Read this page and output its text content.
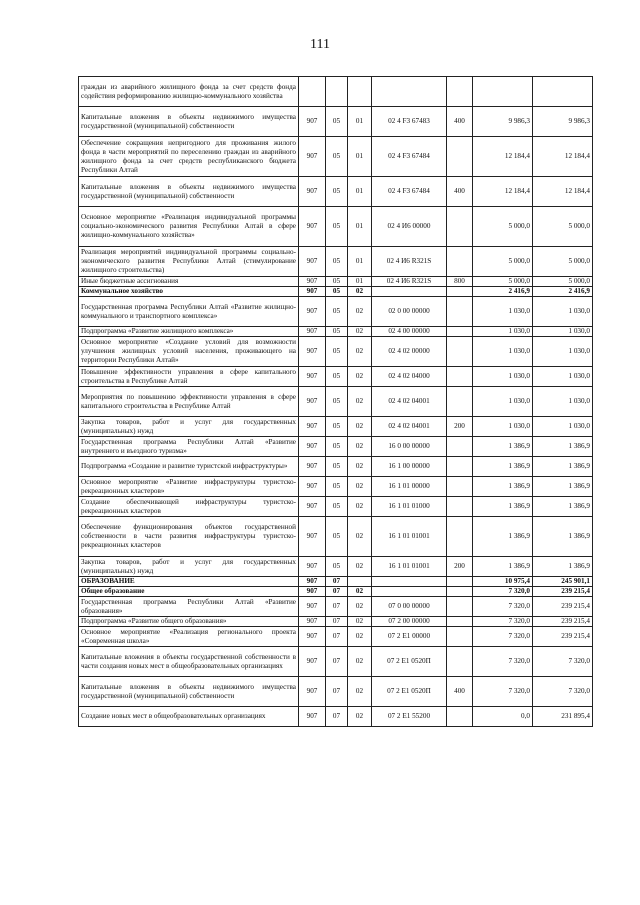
111
граждан из аварийного жилищного фонда за счет средств фонда содействия реформированию жилищно-коммунального хозяйства							
Капитальные вложения в объекты недвижимого имущества государственной (муниципальной) собственности	907	05	01	02 4 F3 67483	400	9 986,3	9 986,3
Обеспечение сокращения непригодного для проживания жилого фонда в части мероприятий по переселению граждан из аварийного жилищного фонда за счет средств республиканского бюджета Республики Алтай	907	05	01	02 4 F3 67484		12 184,4	12 184,4
Капитальные вложения в объекты недвижимого имущества государственной (муниципальной) собственности	907	05	01	02 4 F3 67484	400	12 184,4	12 184,4
Основное мероприятие «Реализация индивидуальной программы социально-экономического развития Республики Алтай в сфере жилищно-коммунального хозяйства»	907	05	01	02 4 И6 00000		5 000,0	5 000,0
Реализация мероприятий индивидуальной программы социально-экономического развития Республики Алтай (стимулирование жилищного строительства)	907	05	01	02 4 И6 R321S		5 000,0	5 000,0
Иные бюджетные ассигнования	907	05	01	02 4 И6 R321S	800	5 000,0	5 000,0
Коммунальное хозяйство	907	05	02			2 416,9	2 416,9
Государственная программа Республики Алтай «Развитие жилищно-коммунального и транспортного комплекса»	907	05	02	02 0 00 00000		1 030,0	1 030,0
Подпрограмма «Развитие жилищного комплекса»	907	05	02	02 4 00 00000		1 030,0	1 030,0
Основное мероприятие «Создание условий для возможности улучшения жилищных условий населения, проживающего на территории Республики Алтай»	907	05	02	02 4 02 00000		1 030,0	1 030,0
Повышение эффективности управления в сфере капитального строительства в Республике Алтай	907	05	02	02 4 02 04000		1 030,0	1 030,0
Мероприятия по повышению эффективности управления в сфере капитального строительства в Республике Алтай	907	05	02	02 4 02 04001		1 030,0	1 030,0
Закупка товаров, работ и услуг для государственных (муниципальных) нужд	907	05	02	02 4 02 04001	200	1 030,0	1 030,0
Государственная программа Республики Алтай «Развитие внутреннего и въездного туризма»	907	05	02	16 0 00 00000		1 386,9	1 386,9
Подпрограмма «Создание и развитие туристской инфраструктуры»	907	05	02	16 1 00 00000		1 386,9	1 386,9
Основное мероприятие «Развитие инфраструктуры туристско-рекреационных кластеров»	907	05	02	16 1 01 00000		1 386,9	1 386,9
Создание обеспечивающей инфраструктуры туристско-рекреационных кластеров	907	05	02	16 1 01 01000		1 386,9	1 386,9
Обеспечение функционирования объектов государственной собственности в части развития инфраструктуры туристско-рекреационных кластеров	907	05	02	16 1 01 01001		1 386,9	1 386,9
Закупка товаров, работ и услуг для государственных (муниципальных) нужд	907	05	02	16 1 01 01001	200	1 386,9	1 386,9
ОБРАЗОВАНИЕ	907	07				10 975,4	245 901,1
Общее образование	907	07	02			7 320,0	239 215,4
Государственная программа Республики Алтай «Развитие образования»	907	07	02	07 0 00 00000		7 320,0	239 215,4
Подпрограмма «Развитие общего образования»	907	07	02	07 2 00 00000		7 320,0	239 215,4
Основное мероприятие «Реализация регионального проекта «Современная школа»	907	07	02	07 2 E1 00000		7 320,0	239 215,4
Капитальные вложения в объекты государственной собственности в части создания новых мест в общеобразовательных организациях	907	07	02	07 2 E1 0520П		7 320,0	7 320,0
Капитальные вложения в объекты недвижимого имущества государственной (муниципальной) собственности	907	07	02	07 2 E1 0520П	400	7 320,0	7 320,0
Создание новых мест в общеобразовательных организациях	907	07	02	07 2 E1 55200		0,0	231 895,4
